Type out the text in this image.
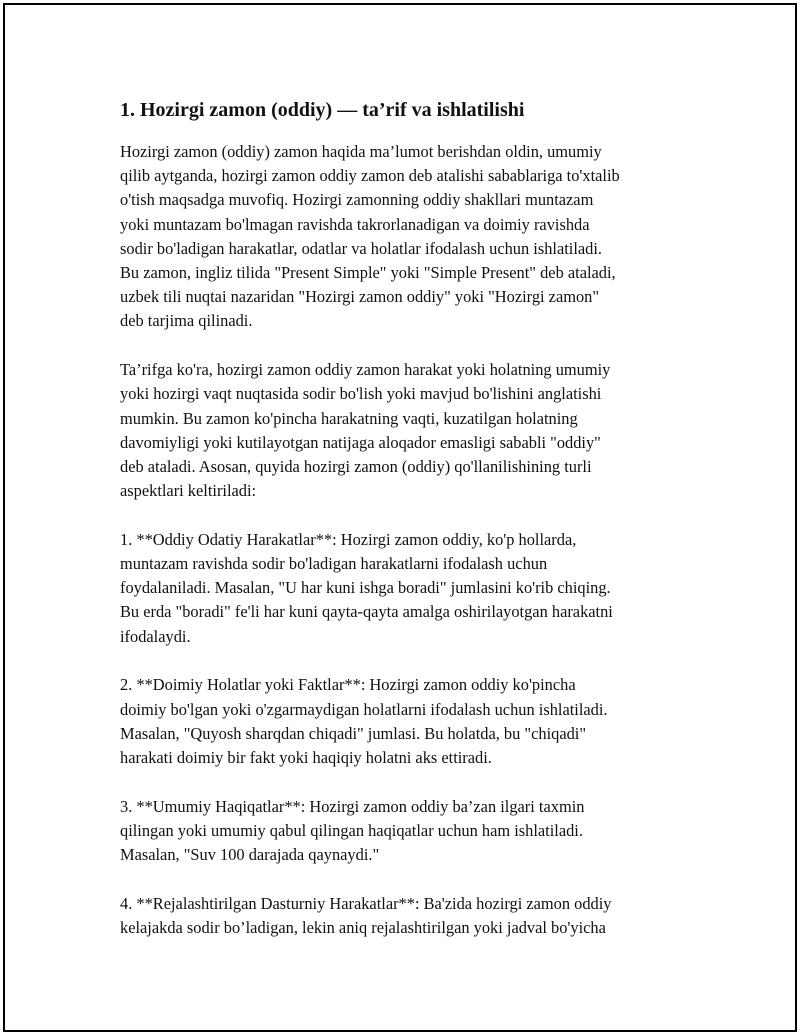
1. Hozirgi zamon (oddiy) — ta’rif va ishlatilishi

Hozirgi zamon (oddiy) zamon haqida ma’lumot berishdan oldin, umumiy
qilib aytganda, hozirgi zamon oddiy zamon deb atalishi sabablariga to'xtalib
o'tish maqsadga muvofiq. Hozirgi zamonning oddiy shakllari muntazam
yoki muntazam bo'lmagan ravishda takrorlanadigan va doimiy ravishda
sodir bo'ladigan harakatlar, odatlar va holatlar ifodalash uchun ishlatiladi.
Bu zamon, ingliz tilida "Present Simple" yoki "Simple Present" deb ataladi,
uzbek tili nuqtai nazaridan "Hozirgi zamon oddiy" yoki "Hozirgi zamon"
deb tarjima qilinadi.

Ta’rifga ko'ra, hozirgi zamon oddiy zamon harakat yoki holatning umumiy
yoki hozirgi vaqt nuqtasida sodir bo'lish yoki mavjud bo'lishini anglatishi
mumkin. Bu zamon ko'pincha harakatning vaqti, kuzatilgan holatning
davomiyligi yoki kutilayotgan natijaga aloqador emasligi sababli "oddiy"
deb ataladi. Asosan, quyida hozirgi zamon (oddiy) qo'llanilishining turli
aspektlari keltiriladi:

1. **Oddiy Odatiy Harakatlar**: Hozirgi zamon oddiy, ko'p hollarda,
muntazam ravishda sodir bo'ladigan harakatlarni ifodalash uchun
foydalaniladi. Masalan, "U har kuni ishga boradi" jumlasini ko'rib chiqing.
Bu erda "boradi" fe'li har kuni qayta-qayta amalga oshirilayotgan harakatni
ifodalaydi.

2. **Doimiy Holatlar yoki Faktlar**: Hozirgi zamon oddiy ko'pincha
doimiy bo'lgan yoki o'zgarmaydigan holatlarni ifodalash uchun ishlatiladi.
Masalan, "Quyosh sharqdan chiqadi" jumlasi. Bu holatda, bu "chiqadi"
harakati doimiy bir fakt yoki haqiqiy holatni aks ettiradi.

3. **Umumiy Haqiqatlar**: Hozirgi zamon oddiy ba’zan ilgari taxmin
qilingan yoki umumiy qabul qilingan haqiqatlar uchun ham ishlatiladi.
Masalan, "Suv 100 darajada qaynaydi."

4. **Rejalashtirilgan Dasturniy Harakatlar**: Ba'zida hozirgi zamon oddiy
kelajakda sodir bo’ladigan, lekin aniq rejalashtirilgan yoki jadval bo'yicha
